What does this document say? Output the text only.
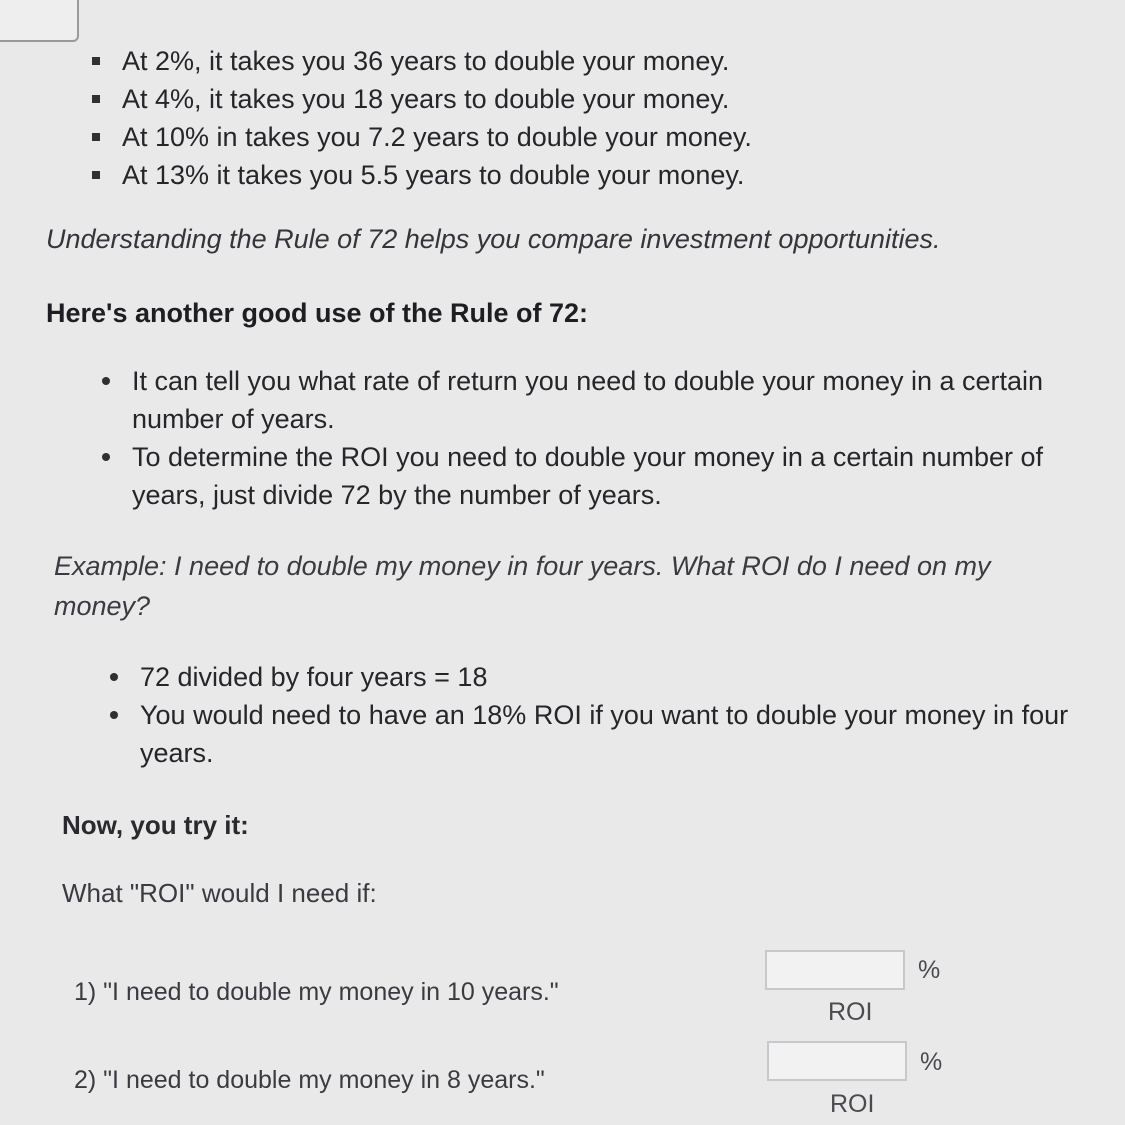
At 2%, it takes you 36 years to double your money.
At 4%, it takes you 18 years to double your money.
At 10% in takes you 7.2 years to double your money.
At 13% it takes you 5.5 years to double your money.
Understanding the Rule of 72 helps you compare investment opportunities.
Here's another good use of the Rule of 72:
It can tell you what rate of return you need to double your money in a certain number of years.
To determine the ROI you need to double your money in a certain number of years, just divide 72 by the number of years.
Example: I need to double my money in four years. What ROI do I need on my money?
72 divided by four years = 18
You would need to have an 18% ROI if you want to double your money in four years.
Now, you try it:
What "ROI" would I need if:
1) "I need to double my money in 10 years."
%
ROI
2) "I need to double my money in 8 years."
%
ROI
